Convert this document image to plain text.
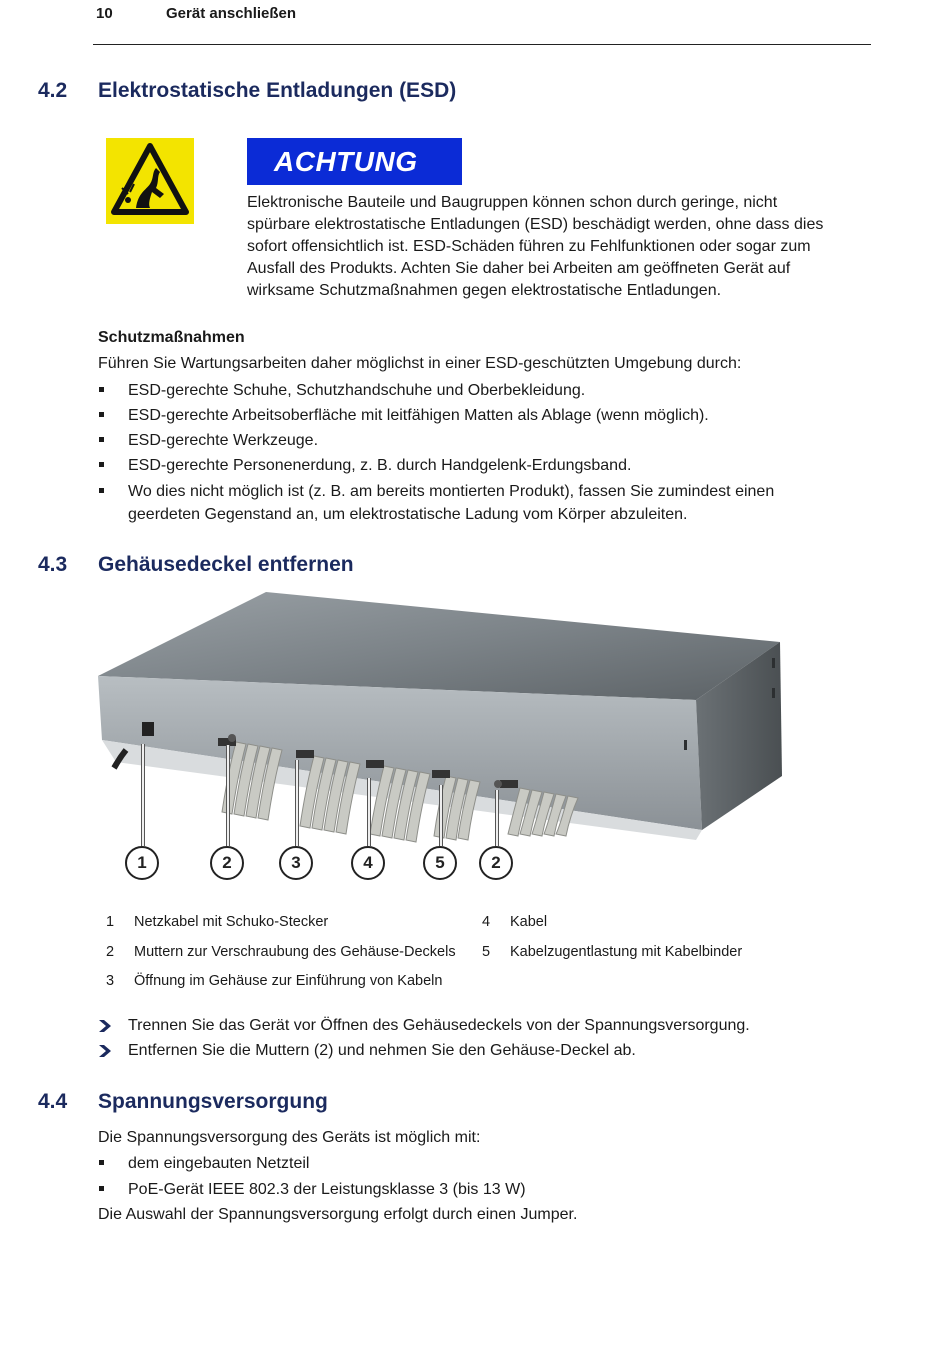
10	Gerät anschließen
4.2 Elektrostatische Entladungen (ESD)
ACHTUNG
Elektronische Bauteile und Baugruppen können schon durch geringe, nicht
spürbare elektrostatische Entladungen (ESD) beschädigt werden, ohne dass dies
sofort offensichtlich ist. ESD-Schäden führen zu Fehlfunktionen oder sogar zum
Ausfall des Produkts. Achten Sie daher bei Arbeiten am geöffneten Gerät auf
wirksame Schutzmaßnahmen gegen elektrostatische Entladungen.
Schutzmaßnahmen
Führen Sie Wartungsarbeiten daher möglichst in einer ESD-geschützten Umgebung durch:
ESD-gerechte Schuhe, Schutzhandschuhe und Oberbekleidung.
ESD-gerechte Arbeitsoberfläche mit leitfähigen Matten als Ablage (wenn möglich).
ESD-gerechte Werkzeuge.
ESD-gerechte Personenerdung, z. B. durch Handgelenk-Erdungsband.
Wo dies nicht möglich ist (z. B. am bereits montierten Produkt), fassen Sie zumindest einen
geerdeten Gegenstand an, um elektrostatische Ladung vom Körper abzuleiten.
4.3 Gehäusedeckel entfernen
1	2	3	4	5	2
1 Netzkabel mit Schuko-Stecker
2 Muttern zur Verschraubung des Gehäuse-Deckels
3 Öffnung im Gehäuse zur Einführung von Kabeln
4 Kabel
5 Kabelzugentlastung mit Kabelbinder
Trennen Sie das Gerät vor Öffnen des Gehäusedeckels von der Spannungsversorgung.
Entfernen Sie die Muttern (2) und nehmen Sie den Gehäuse-Deckel ab.
4.4 Spannungsversorgung
Die Spannungsversorgung des Geräts ist möglich mit:
dem eingebauten Netzteil
PoE-Gerät IEEE 802.3 der Leistungsklasse 3 (bis 13 W)
Die Auswahl der Spannungsversorgung erfolgt durch einen Jumper.
